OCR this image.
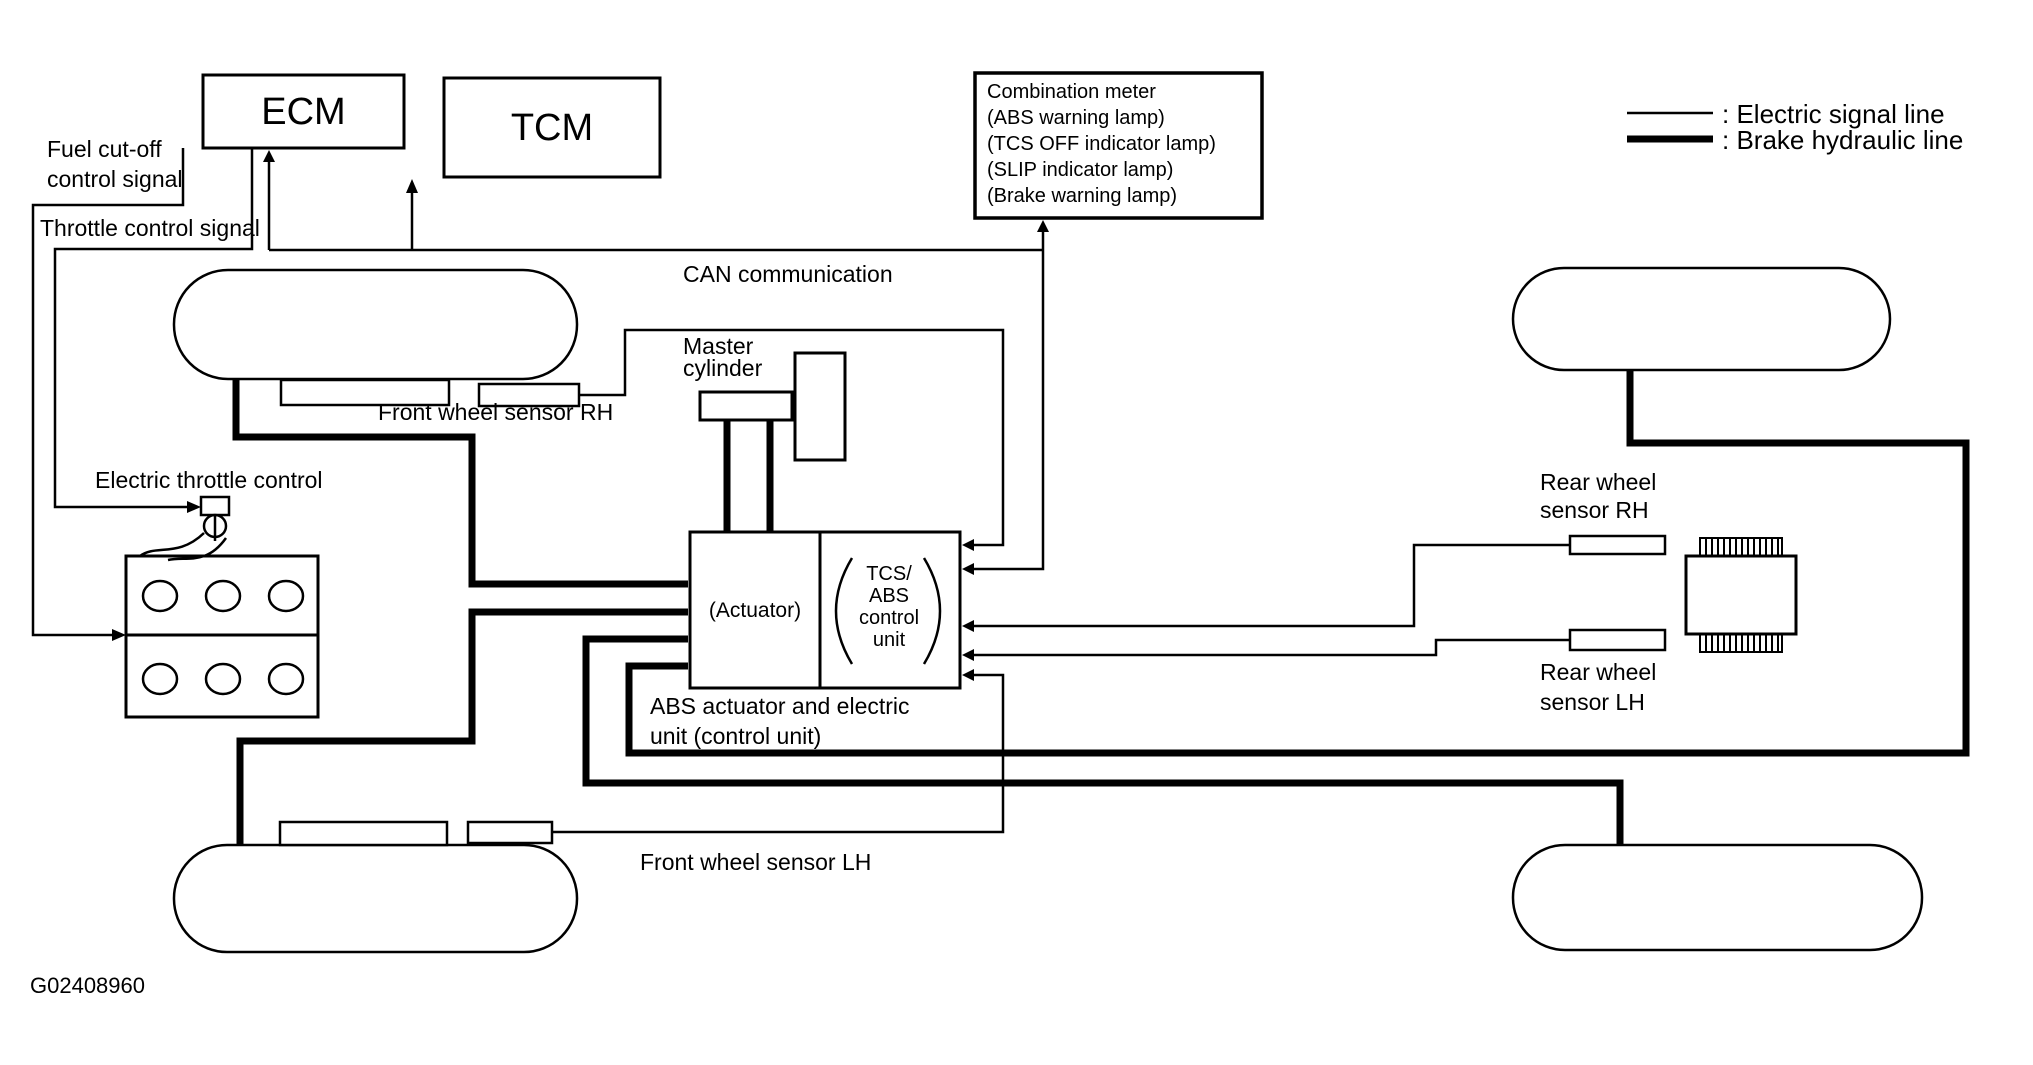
ECM	TCM
Fuel cut-off
control signal
Throttle control signal
CAN communication
Combination meter
(ABS warning lamp)
(TCS OFF indicator lamp)
(SLIP indicator lamp)
(Brake warning lamp)
: Electric signal line
: Brake hydraulic line
Master
cylinder
Front wheel sensor RH
Front wheel sensor LH
Rear wheel
sensor RH
Rear wheel
sensor LH
Electric throttle control
(Actuator)
TCS/
ABS
control
unit
ABS actuator and electric
unit (control unit)
G02408960
